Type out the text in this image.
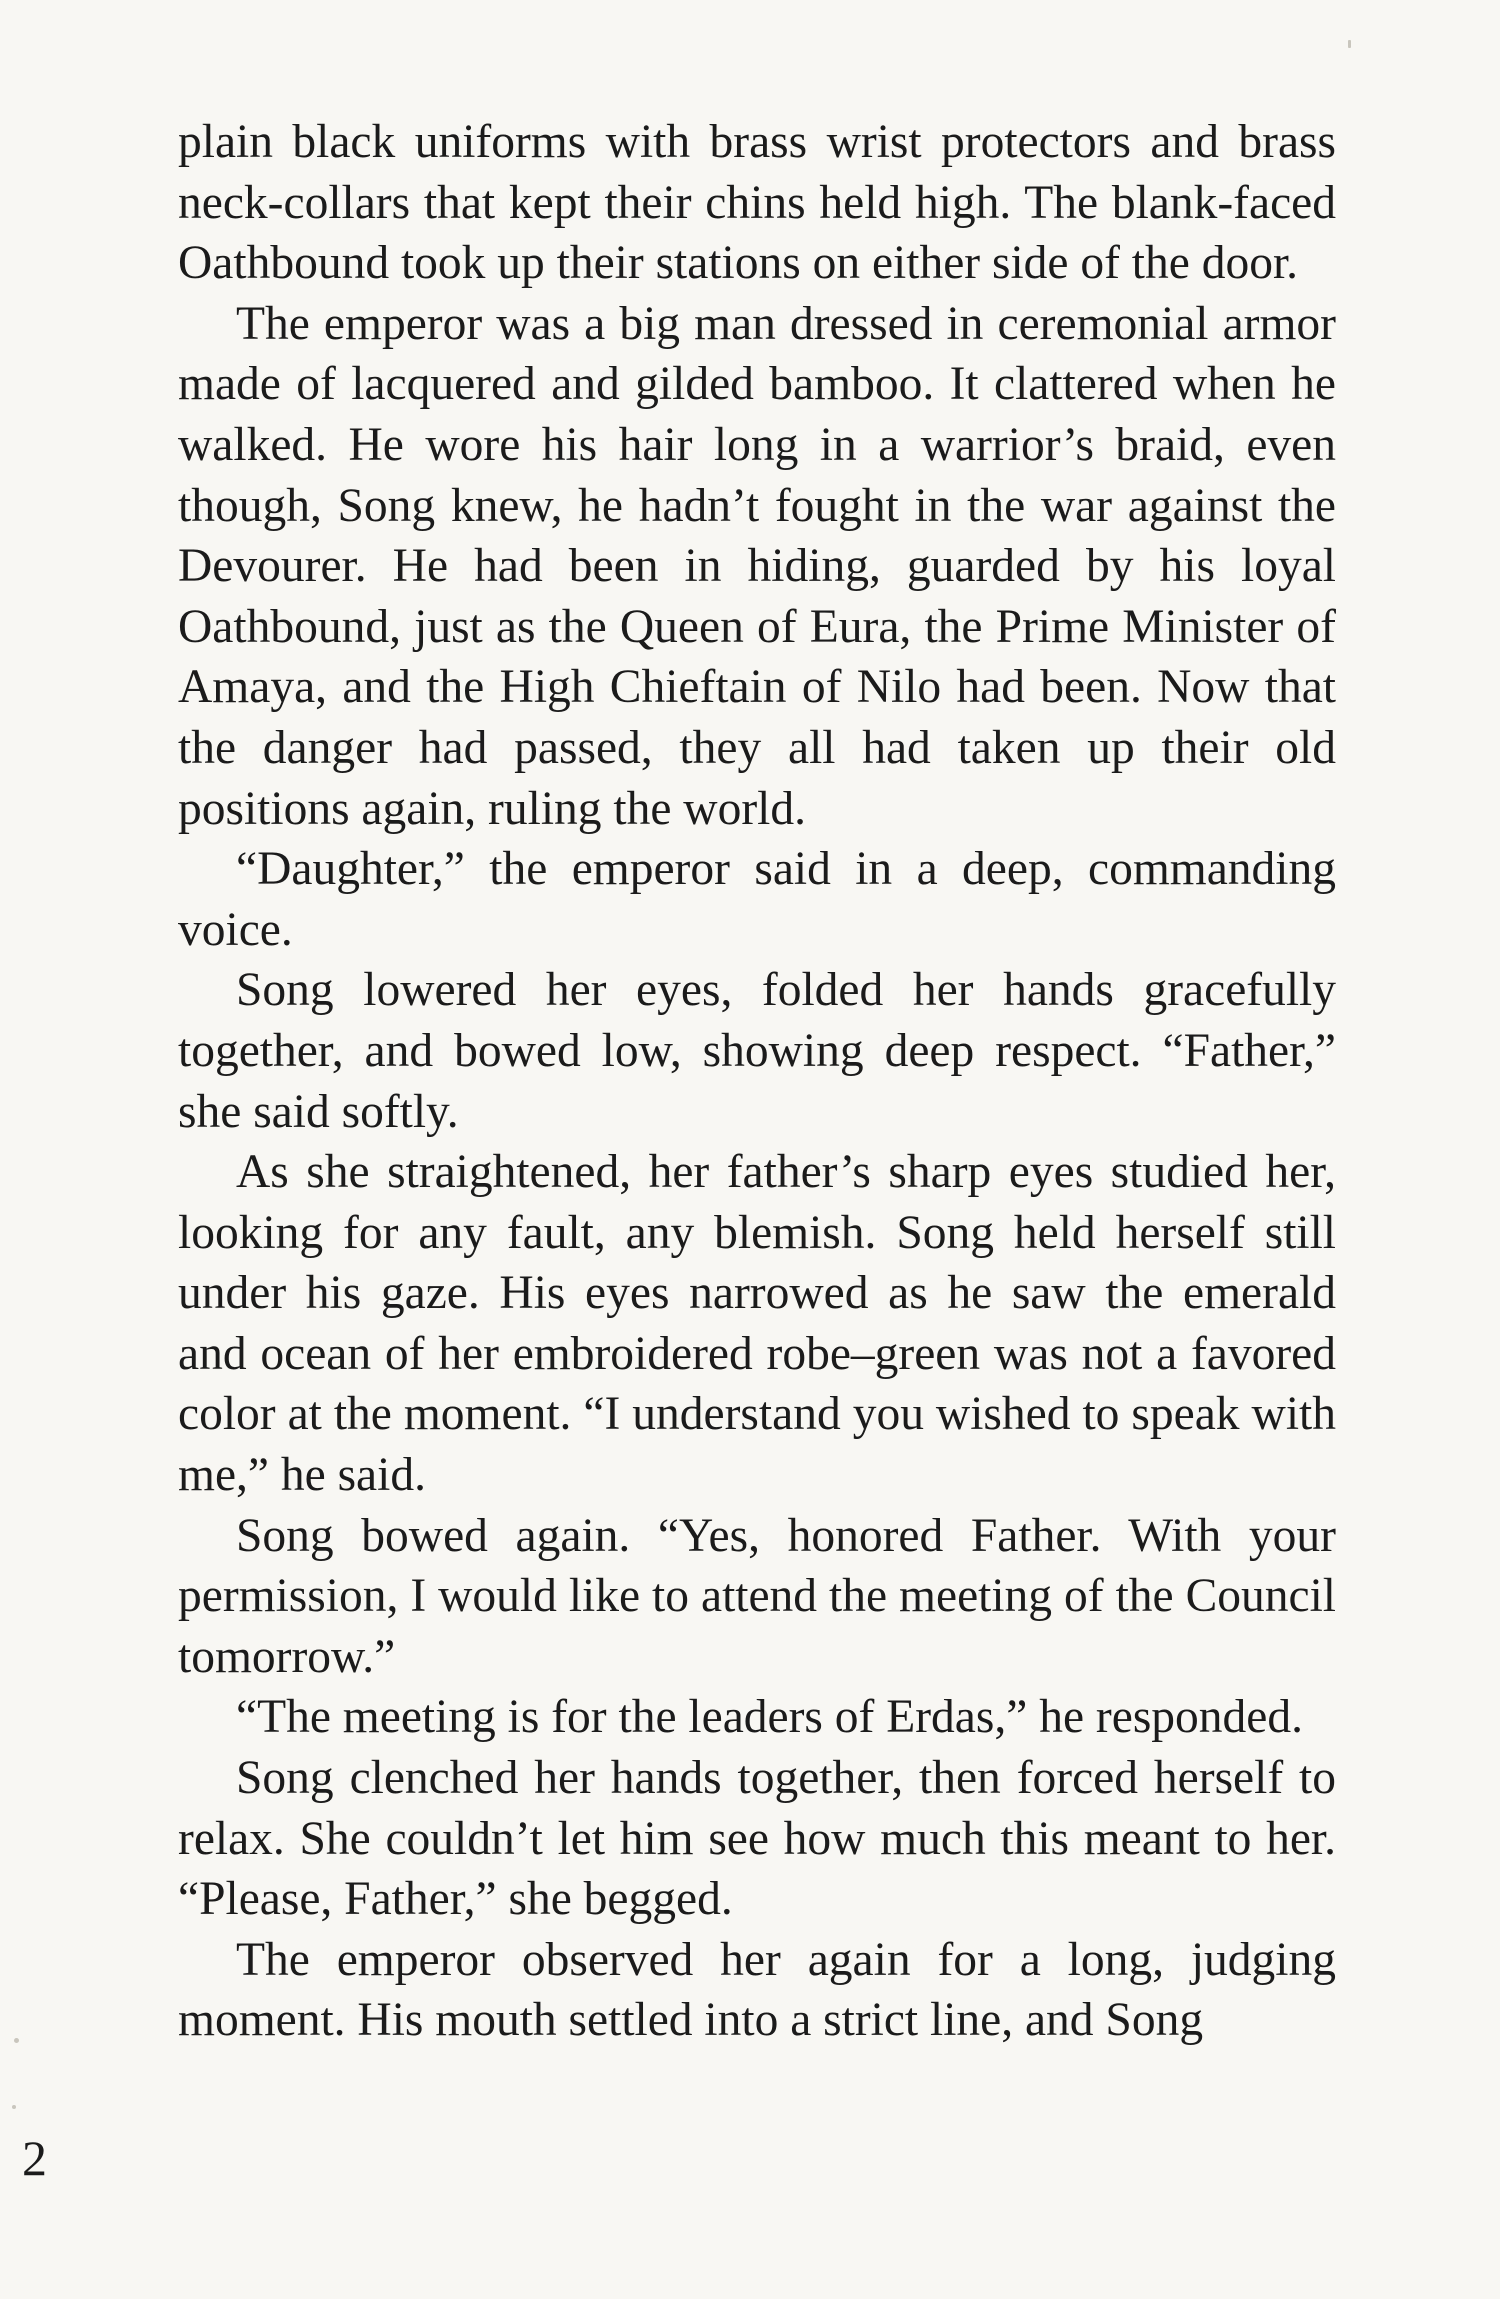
plain black uniforms with brass wrist protectors and brass neck-collars that kept their chins held high. The blank-faced Oathbound took up their stations on either side of the door.

The emperor was a big man dressed in ceremonial armor made of lacquered and gilded bamboo. It clattered when he walked. He wore his hair long in a warrior’s braid, even though, Song knew, he hadn’t fought in the war against the Devourer. He had been in hiding, guarded by his loyal Oathbound, just as the Queen of Eura, the Prime Minister of Amaya, and the High Chieftain of Nilo had been. Now that the danger had passed, they all had taken up their old positions again, ruling the world.

“Daughter,” the emperor said in a deep, commanding voice.

Song lowered her eyes, folded her hands gracefully together, and bowed low, showing deep respect. “Father,” she said softly.

As she straightened, her father’s sharp eyes studied her, looking for any fault, any blemish. Song held herself still under his gaze. His eyes narrowed as he saw the emerald and ocean of her embroidered robe–green was not a favored color at the moment. “I understand you wished to speak with me,” he said.

Song bowed again. “Yes, honored Father. With your permission, I would like to attend the meeting of the Council tomorrow.”

“The meeting is for the leaders of Erdas,” he responded.

Song clenched her hands together, then forced herself to relax. She couldn’t let him see how much this meant to her. “Please, Father,” she begged.

The emperor observed her again for a long, judging moment. His mouth settled into a strict line, and Song

2
